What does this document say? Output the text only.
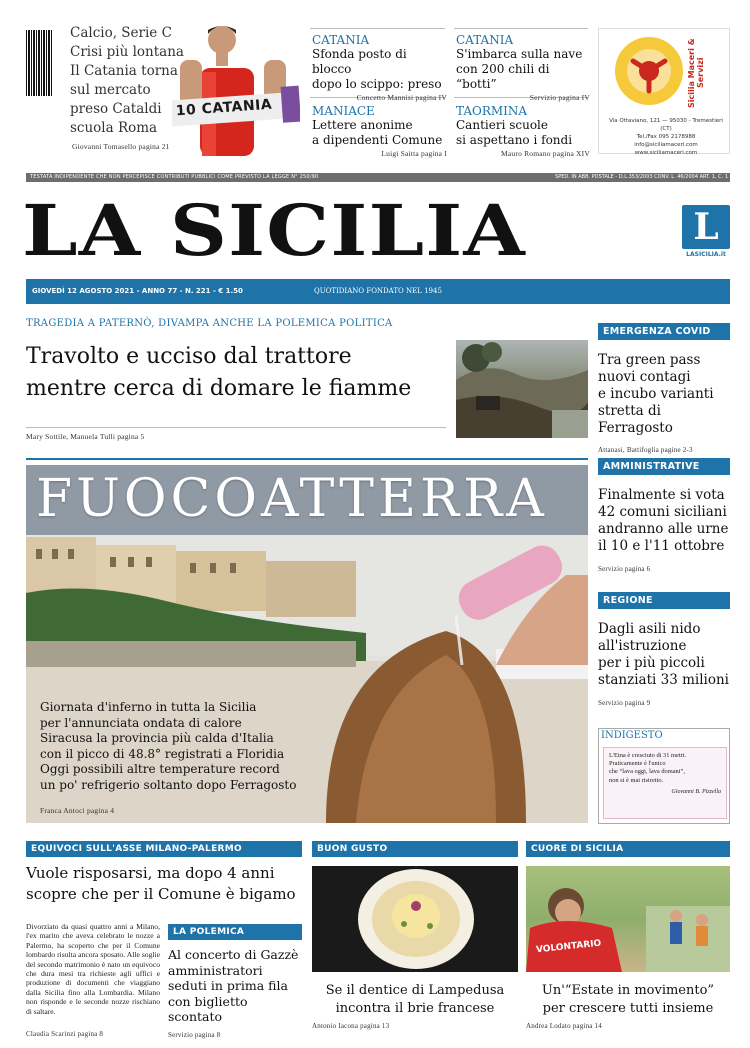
Calcio, Serie C
Crisi più lontana
Il Catania torna
sul mercato
preso Cataldi
scuola Roma
Giovanni Tomasello pagina 21
10 CATANIA
CATANIA
Sfonda posto di blocco
dopo lo scippo: preso
Concetto Mannisi pagina IV
CATANIA
S'imbarca sulla nave
con 200 chili di “botti”
Servizio pagina IV
MANIACE
Lettere anonime
a dipendenti Comune
Luigi Saitta pagina I
TAORMINA
Cantieri scuole
si aspettano i fondi
Mauro Romano pagina XIV
Sicilia Maceri & Servizi
Via Ottaviano, 121 — 95030 - Tremestieri (CT)
Tel./Fax 095 2178988
info@siciliamaceri.com
www.siciliamaceri.com
TESTATA INDIPENDENTE CHE NON PERCEPISCE CONTRIBUTI PUBBLICI COME PREVISTO LA LEGGE N° 250/90	SPED. IN ABB. POSTALE - D.L.353/2003 CONV. L. 46/2004 ART. 1, C. 1
LA SICILIA	L
LASICILIA.it
GIOVEDÌ 12 AGOSTO 2021 - ANNO 77 - N. 221 - € 1.50	QUOTIDIANO FONDATO NEL 1945
TRAGEDIA A PATERNÒ, DIVAMPA ANCHE LA POLEMICA POLITICA
Travolto e ucciso dal trattore
mentre cerca di domare le fiamme
Mary Sottile, Manuela Tulli pagina 5
FUOCOATTERRA
Giornata d'inferno in tutta la Sicilia
per l'annunciata ondata di calore
Siracusa la provincia più calda d'Italia
con il picco di 48.8° registrati a Floridia
Oggi possibili altre temperature record
un po' refrigerio soltanto dopo Ferragosto
Franca Antoci pagina 4
EMERGENZA COVID
Tra green pass
nuovi contagi
e incubo varianti
stretta di Ferragosto
Attanasi, Battifoglia pagine 2-3
AMMINISTRATIVE
Finalmente si vota
42 comuni siciliani
andranno alle urne
il 10 e l'11 ottobre
Servizio pagina 6
REGIONE
Dagli asili nido
all'istruzione
per i più piccoli
stanziati 33 milioni
Servizio pagina 9
INDIGESTO
L'Etna è cresciuto di 31 metri.
Praticamente è l'unico
che “lava oggi, lava domani”,
non si è mai ristretto.
Giovanni B. Pizzella
EQUIVOCI SULL'ASSE MILANO-PALERMO
Vuole risposarsi, ma dopo 4 anni
scopre che per il Comune è bigamo
Divorziato da quasi quattro anni a Milano, l'ex marito che aveva celebrato le nozze a Palermo, ha scoperto che per il Comune lombardo risulta ancora sposato. Alle soglie del secondo matrimonio è nato un equivoco che dura mesi tra richieste agli uffici e produzione di documenti che viaggiano dalla Sicilia fino alla Lombardia. Milano non risponde e le seconde nozze rischiano di saltare.
Claudia Scarinzi pagina 8
LA POLEMICA
Al concerto di Gazzè
amministratori
seduti in prima fila
con biglietto scontato
Servizio pagina 8
BUON GUSTO
Se il dentice di Lampedusa
incontra il brie francese
Antonio Iacona pagina 13
CUORE DI SICILIA
VOLONTARIO
Un'“Estate in movimento”
per crescere tutti insieme
Andrea Lodato pagina 14
